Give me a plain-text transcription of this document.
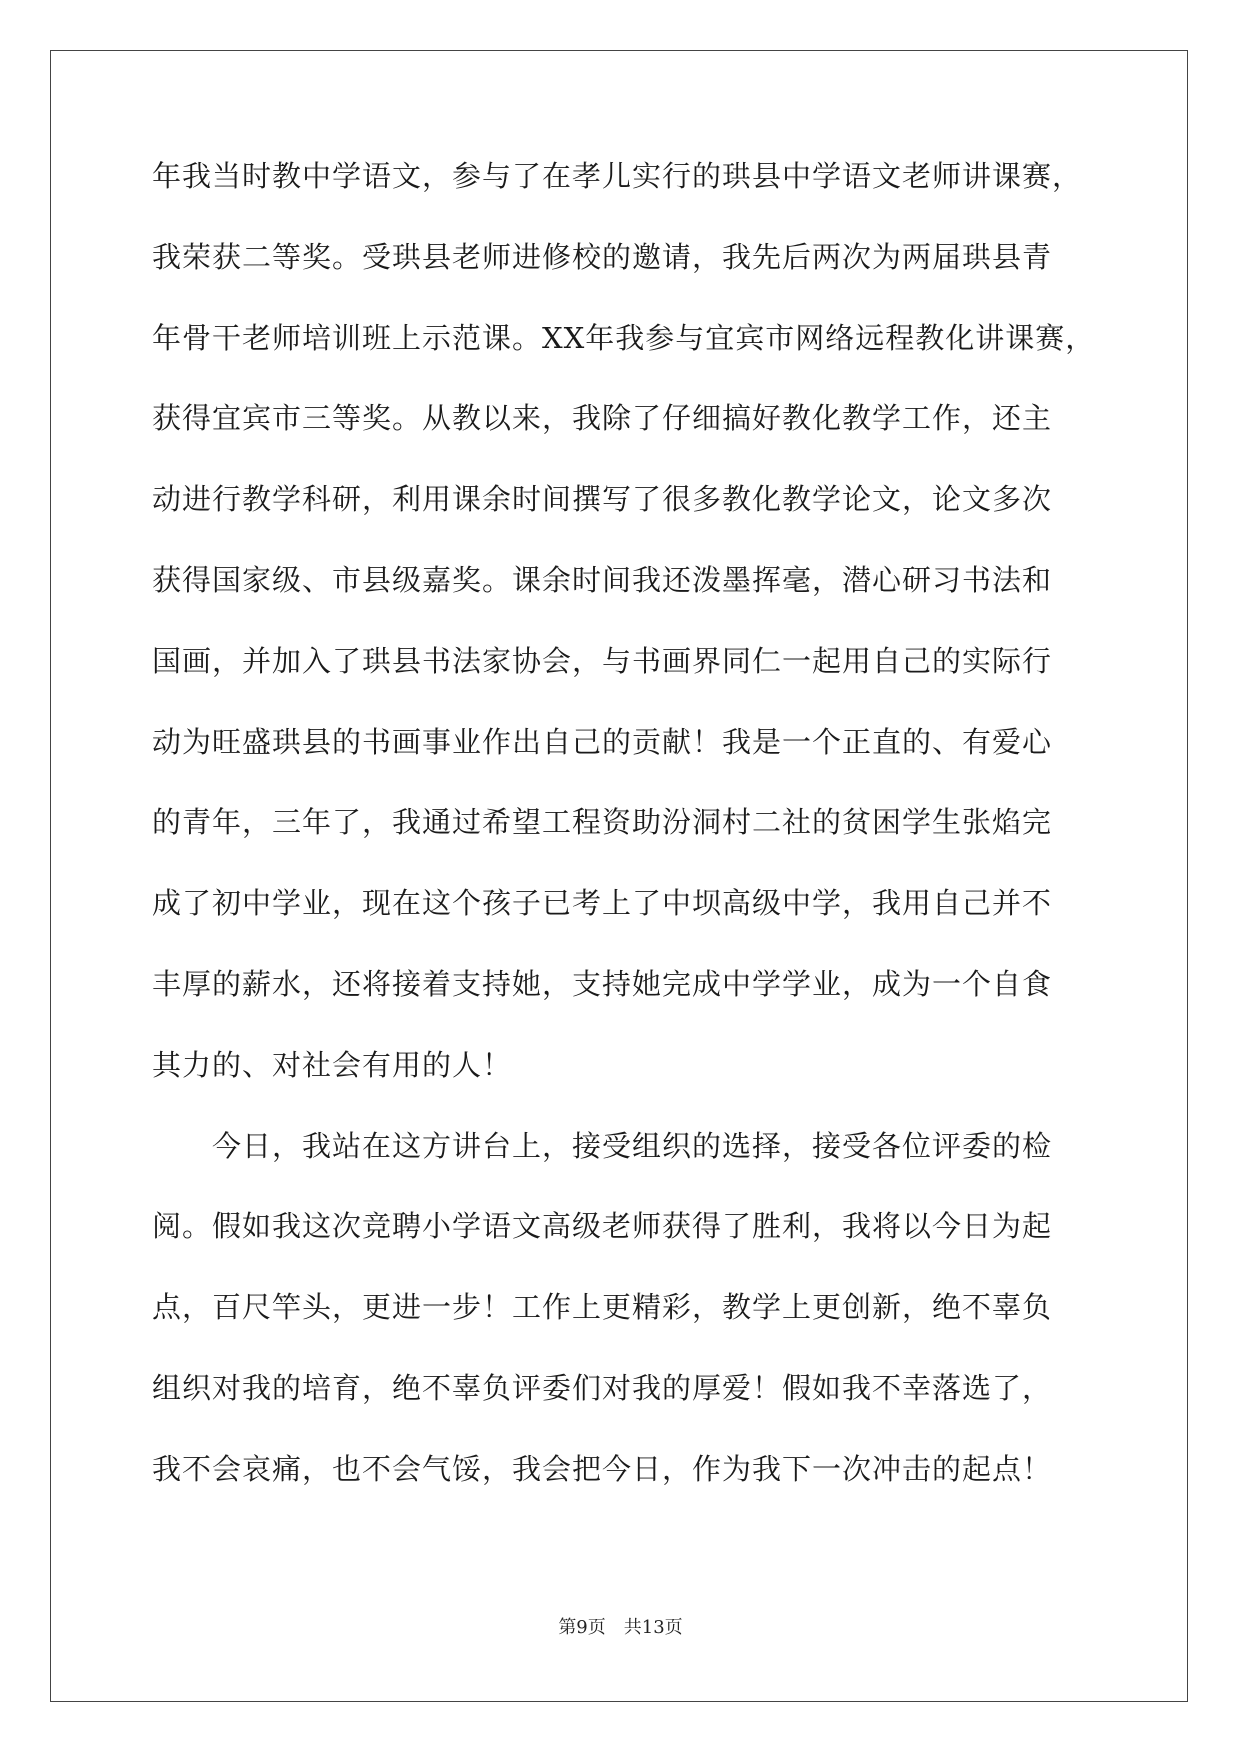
年我当时教中学语文，参与了在孝儿实行的珙县中学语文老师讲课赛，
我荣获二等奖。受珙县老师进修校的邀请，我先后两次为两届珙县青
年骨干老师培训班上示范课。XX年我参与宜宾市网络远程教化讲课赛，
获得宜宾市三等奖。从教以来，我除了仔细搞好教化教学工作，还主
动进行教学科研，利用课余时间撰写了很多教化教学论文，论文多次
获得国家级、市县级嘉奖。课余时间我还泼墨挥毫，潜心研习书法和
国画，并加入了珙县书法家协会，与书画界同仁一起用自己的实际行
动为旺盛珙县的书画事业作出自己的贡献！我是一个正直的、有爱心
的青年，三年了，我通过希望工程资助汾洞村二社的贫困学生张焰完
成了初中学业，现在这个孩子已考上了中坝高级中学，我用自己并不
丰厚的薪水，还将接着支持她，支持她完成中学学业，成为一个自食
其力的、对社会有用的人！
　　今日，我站在这方讲台上，接受组织的选择，接受各位评委的检
阅。假如我这次竞聘小学语文高级老师获得了胜利，我将以今日为起
点，百尺竿头，更进一步！工作上更精彩，教学上更创新，绝不辜负
组织对我的培育，绝不辜负评委们对我的厚爱！假如我不幸落选了，
我不会哀痛，也不会气馁，我会把今日，作为我下一次冲击的起点！
第9页　共13页
